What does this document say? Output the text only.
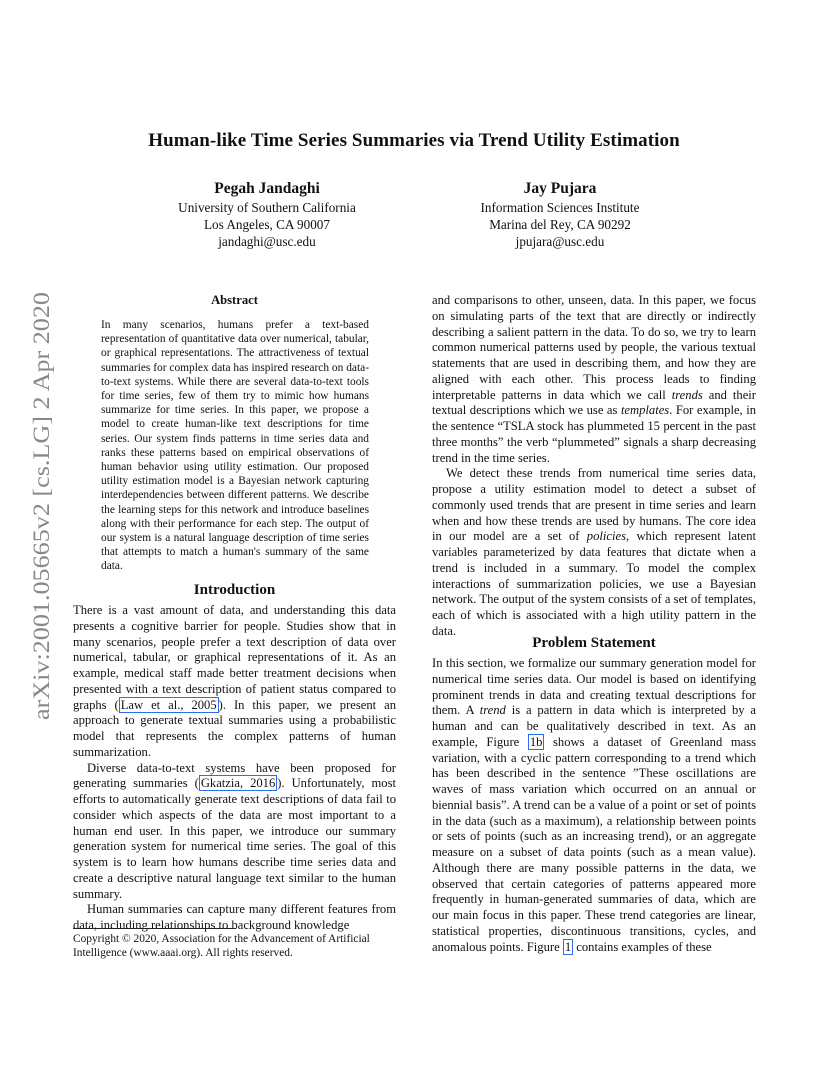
arXiv:2001.05665v2 [cs.LG] 2 Apr 2020
Human-like Time Series Summaries via Trend Utility Estimation
Pegah Jandaghi
University of Southern California
Los Angeles, CA 90007
jandaghi@usc.edu
Jay Pujara
Information Sciences Institute
Marina del Rey, CA 90292
jpujara@usc.edu
Abstract
In many scenarios, humans prefer a text-based representation of quantitative data over numerical, tabular, or graphical representations. The attractiveness of textual summaries for complex data has inspired research on data-to-text systems. While there are several data-to-text tools for time series, few of them try to mimic how humans summarize for time series. In this paper, we propose a model to create human-like text descriptions for time series. Our system finds patterns in time series data and ranks these patterns based on empirical observations of human behavior using utility estimation. Our proposed utility estimation model is a Bayesian network capturing interdependencies between different patterns. We describe the learning steps for this network and introduce baselines along with their performance for each step. The output of our system is a natural language description of time series that attempts to match a human's summary of the same data.
Introduction

There is a vast amount of data, and understanding this data presents a cognitive barrier for people. Studies show that in many scenarios, people prefer a text description of data over numerical, tabular, or graphical representations of it. As an example, medical staff made better treatment decisions when presented with a text description of patient status compared to graphs ( Law et al., 2005 ). In this paper, we present an approach to generate textual summaries using a probabilistic model that represents the complex patterns of human summarization.

Diverse data-to-text systems have been proposed for generating summaries ( Gkatzia, 2016 ). Unfortunately, most efforts to automatically generate text descriptions of data fail to consider which aspects of the data are most important to a human end user. In this paper, we introduce our summary generation system for numerical time series. The goal of this system is to learn how humans describe time series data and create a descriptive natural language text similar to the human summary.

Human summaries can capture many different features from data, including relationships to background knowledge

Copyright © 2020, Association for the Advancement of Artificial Intelligence (www.aaai.org). All rights reserved.

and comparisons to other, unseen, data. In this paper, we focus on simulating parts of the text that are directly or indirectly describing a salient pattern in the data. To do so, we try to learn common numerical patterns used by people, the various textual statements that are used in describing them, and how they are aligned with each other. This process leads to finding interpretable patterns in data which we call trends and their textual descriptions which we use as templates. For example, in the sentence “TSLA stock has plummeted 15 percent in the past three months” the verb “plummeted” signals a sharp decreasing trend in the time series.

We detect these trends from numerical time series data, propose a utility estimation model to detect a subset of commonly used trends that are present in time series and learn when and how these trends are used by humans. The core idea in our model are a set of policies, which represent latent variables parameterized by data features that dictate when a trend is included in a summary. To model the complex interactions of summarization policies, we use a Bayesian network. The output of the system consists of a set of templates, each of which is associated with a high utility pattern in the data.

Problem Statement

In this section, we formalize our summary generation model for numerical time series data. Our model is based on identifying prominent trends in data and creating textual descriptions for them. A trend is a pattern in data which is interpreted by a human and can be qualitatively described in text. As an example, Figure 1b shows a dataset of Greenland mass variation, with a cyclic pattern corresponding to a trend which has been described in the sentence ”These oscillations are waves of mass variation which occurred on an annual or biennial basis”. A trend can be a value of a point or set of points in the data (such as a maximum), a relationship between points or sets of points (such as an increasing trend), or an aggregate measure on a subset of data points (such as a mean value). Although there are many possible patterns in the data, we observed that certain categories of patterns appeared more frequently in human-generated summaries of data, which are our main focus in this paper. These trend categories are linear, statistical properties, discontinuous transitions, cycles, and anomalous points. Figure 1 contains examples of these
